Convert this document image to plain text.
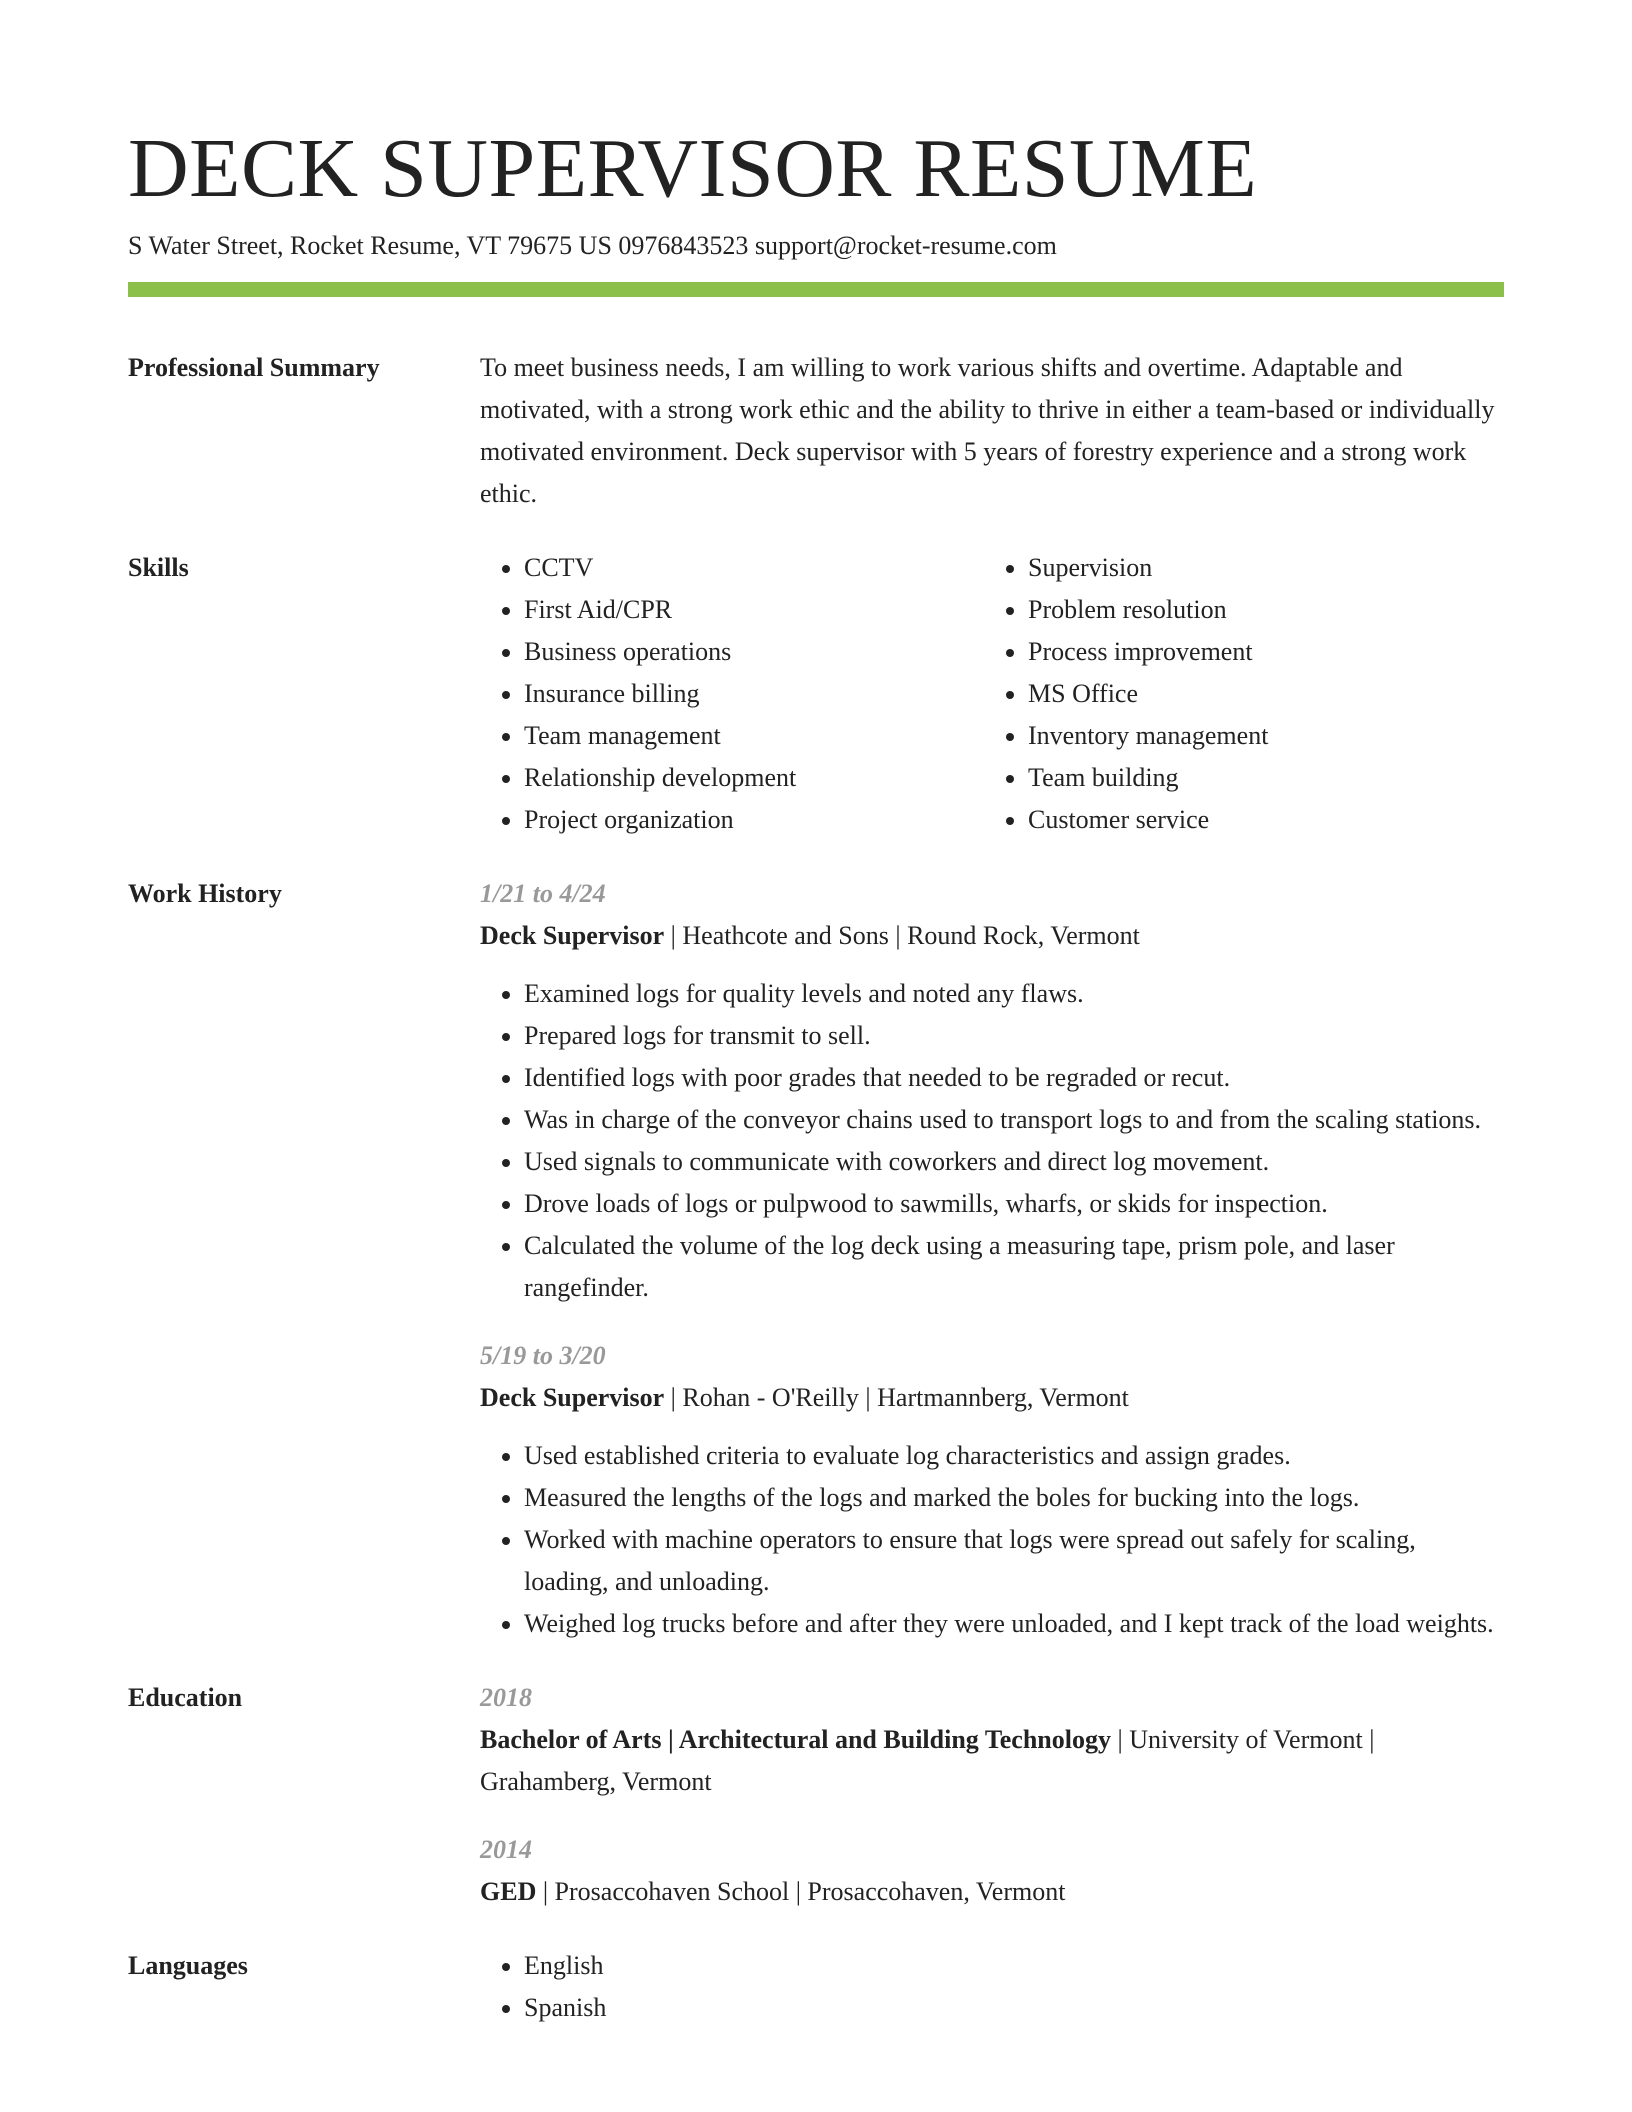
DECK SUPERVISOR RESUME
S Water Street, Rocket Resume, VT 79675 US 0976843523 support@rocket-resume.com
Professional Summary	To meet business needs, I am willing to work various shifts and overtime. Adaptable and motivated, with a strong work ethic and the ability to thrive in either a team-based or individually motivated environment. Deck supervisor with 5 years of forestry experience and a strong work ethic.
Skills	• CCTV
• First Aid/CPR
• Business operations
• Insurance billing
• Team management
• Relationship development
• Project organization
• Supervision
• Problem resolution
• Process improvement
• MS Office
• Inventory management
• Team building
• Customer service
Work History	1/21 to 4/24
Deck Supervisor | Heathcote and Sons | Round Rock, Vermont
• Examined logs for quality levels and noted any flaws.
• Prepared logs for transmit to sell.
• Identified logs with poor grades that needed to be regraded or recut.
• Was in charge of the conveyor chains used to transport logs to and from the scaling stations.
• Used signals to communicate with coworkers and direct log movement.
• Drove loads of logs or pulpwood to sawmills, wharfs, or skids for inspection.
• Calculated the volume of the log deck using a measuring tape, prism pole, and laser rangefinder.
5/19 to 3/20
Deck Supervisor | Rohan - O'Reilly | Hartmannberg, Vermont
• Used established criteria to evaluate log characteristics and assign grades.
• Measured the lengths of the logs and marked the boles for bucking into the logs.
• Worked with machine operators to ensure that logs were spread out safely for scaling, loading, and unloading.
• Weighed log trucks before and after they were unloaded, and I kept track of the load weights.
Education	2018
Bachelor of Arts | Architectural and Building Technology | University of Vermont | Grahamberg, Vermont
2014
GED | Prosaccohaven School | Prosaccohaven, Vermont
Languages	• English
• Spanish
